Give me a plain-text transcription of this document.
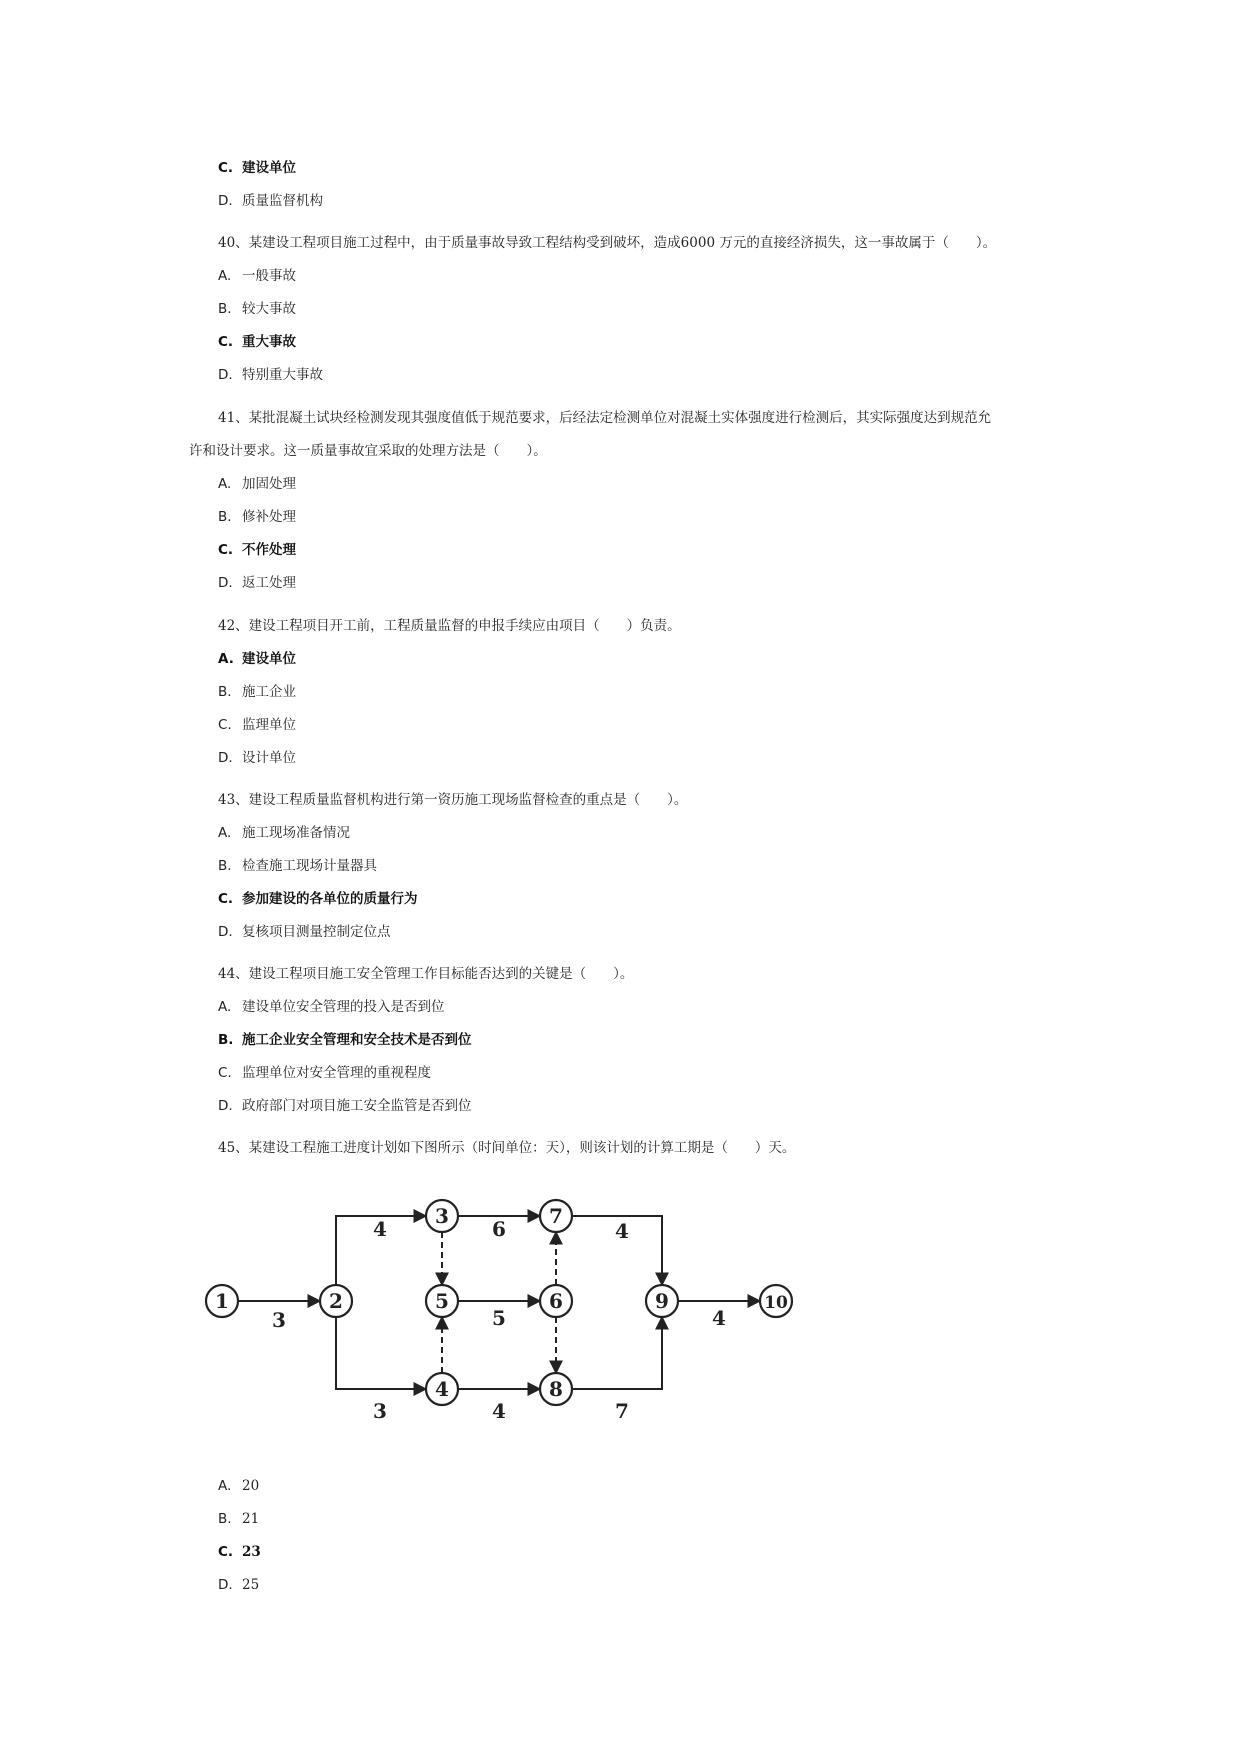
C. 建设单位
D. 质量监督机构
40、某建设工程项目施工过程中，由于质量事故导致工程结构受到破坏，造成6000 万元的直接经济损失，这一事故属于（　　）。
A. 一般事故
B. 较大事故
C. 重大事故
D. 特别重大事故
41、某批混凝土试块经检测发现其强度值低于规范要求，后经法定检测单位对混凝土实体强度进行检测后，其实际强度达到规范允
许和设计要求。这一质量事故宜采取的处理方法是（　　）。
A. 加固处理
B. 修补处理
C. 不作处理
D. 返工处理
42、建设工程项目开工前，工程质量监督的申报手续应由项目（　　）负责。
A. 建设单位
B. 施工企业
C. 监理单位
D. 设计单位
43、建设工程质量监督机构进行第一资历施工现场监督检查的重点是（　　）。
A. 施工现场准备情况
B. 检查施工现场计量器具
C. 参加建设的各单位的质量行为
D. 复核项目测量控制定位点
44、建设工程项目施工安全管理工作目标能否达到的关键是（　　）。
A. 建设单位安全管理的投入是否到位
B. 施工企业安全管理和安全技术是否到位
C. 监理单位对安全管理的重视程度
D. 政府部门对项目施工安全监管是否到位
45、某建设工程施工进度计划如下图所示（时间单位：天），则该计划的计算工期是（　　）天。
A. 20
B. 21
C. 23
D. 25
3
4
3
6
4
5
4
7
4
1	2
3
4
5	6
7
8
9	10
